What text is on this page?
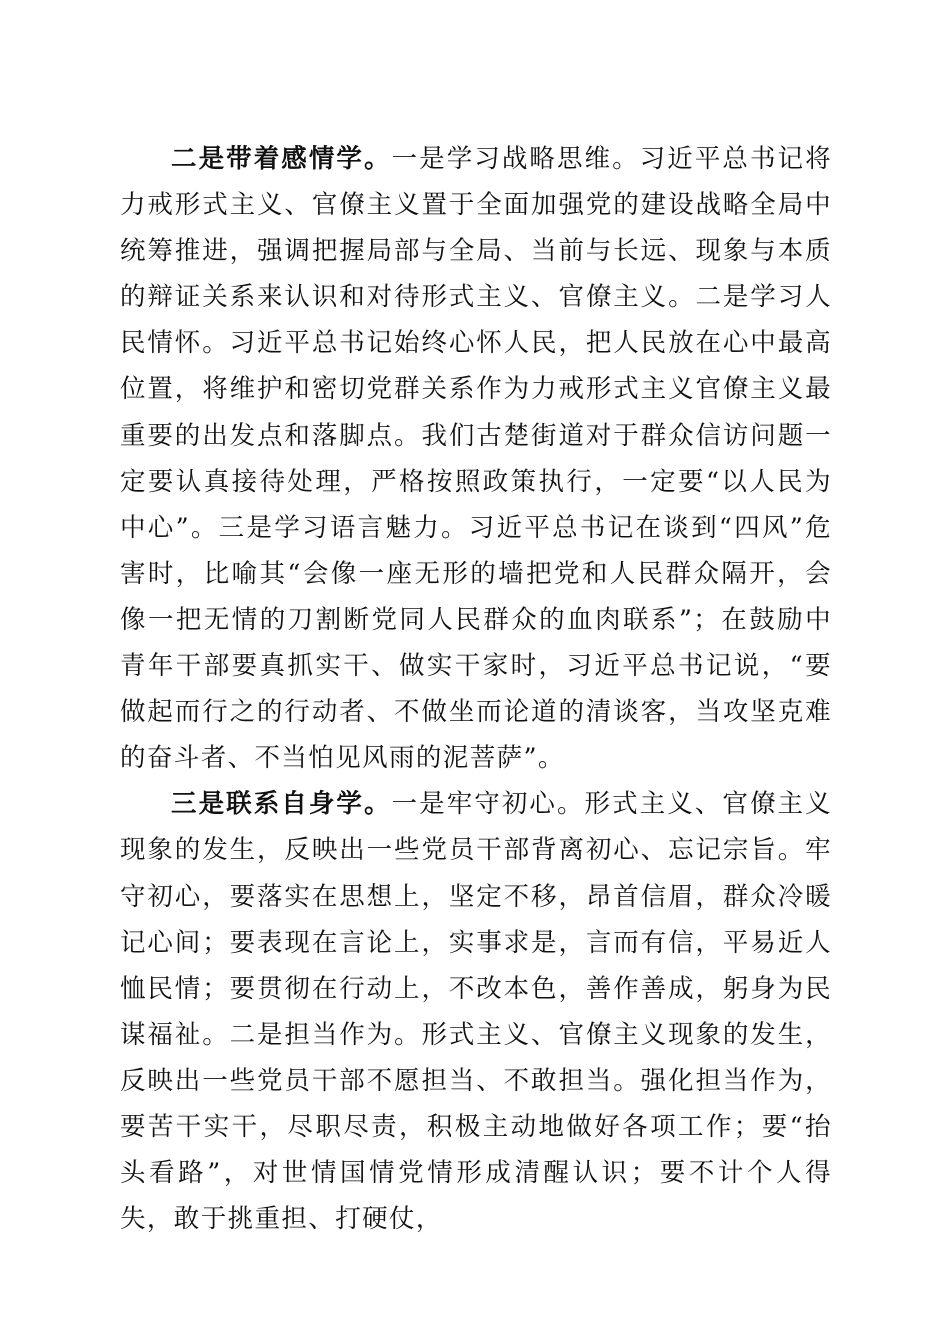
二是带着感情学。一是学习战略思维。习近平总书记将力戒形式主义、官僚主义置于全面加强党的建设战略全局中统筹推进，强调把握局部与全局、当前与长远、现象与本质的辩证关系来认识和对待形式主义、官僚主义。二是学习人民情怀。习近平总书记始终心怀人民，把人民放在心中最高位置，将维护和密切党群关系作为力戒形式主义官僚主义最重要的出发点和落脚点。我们古楚街道对于群众信访问题一定要认真接待处理，严格按照政策执行，一定要“以人民为中心”。三是学习语言魅力。习近平总书记在谈到“四风”危害时，比喻其“会像一座无形的墙把党和人民群众隔开，会像一把无情的刀割断党同人民群众的血肉联系”；在鼓励中青年干部要真抓实干、做实干家时，习近平总书记说，“要做起而行之的行动者、不做坐而论道的清谈客，当攻坚克难的奋斗者、不当怕见风雨的泥菩萨”。

三是联系自身学。一是牢守初心。形式主义、官僚主义现象的发生，反映出一些党员干部背离初心、忘记宗旨。牢守初心，要落实在思想上，坚定不移，昂首信眉，群众冷暖记心间；要表现在言论上，实事求是，言而有信，平易近人恤民情；要贯彻在行动上，不改本色，善作善成，躬身为民谋福祉。二是担当作为。形式主义、官僚主义现象的发生，反映出一些党员干部不愿担当、不敢担当。强化担当作为，要苦干实干，尽职尽责，积极主动地做好各项工作；要“抬头看路”，对世情国情党情形成清醒认识；要不计个人得失，敢于挑重担、打硬仗，
